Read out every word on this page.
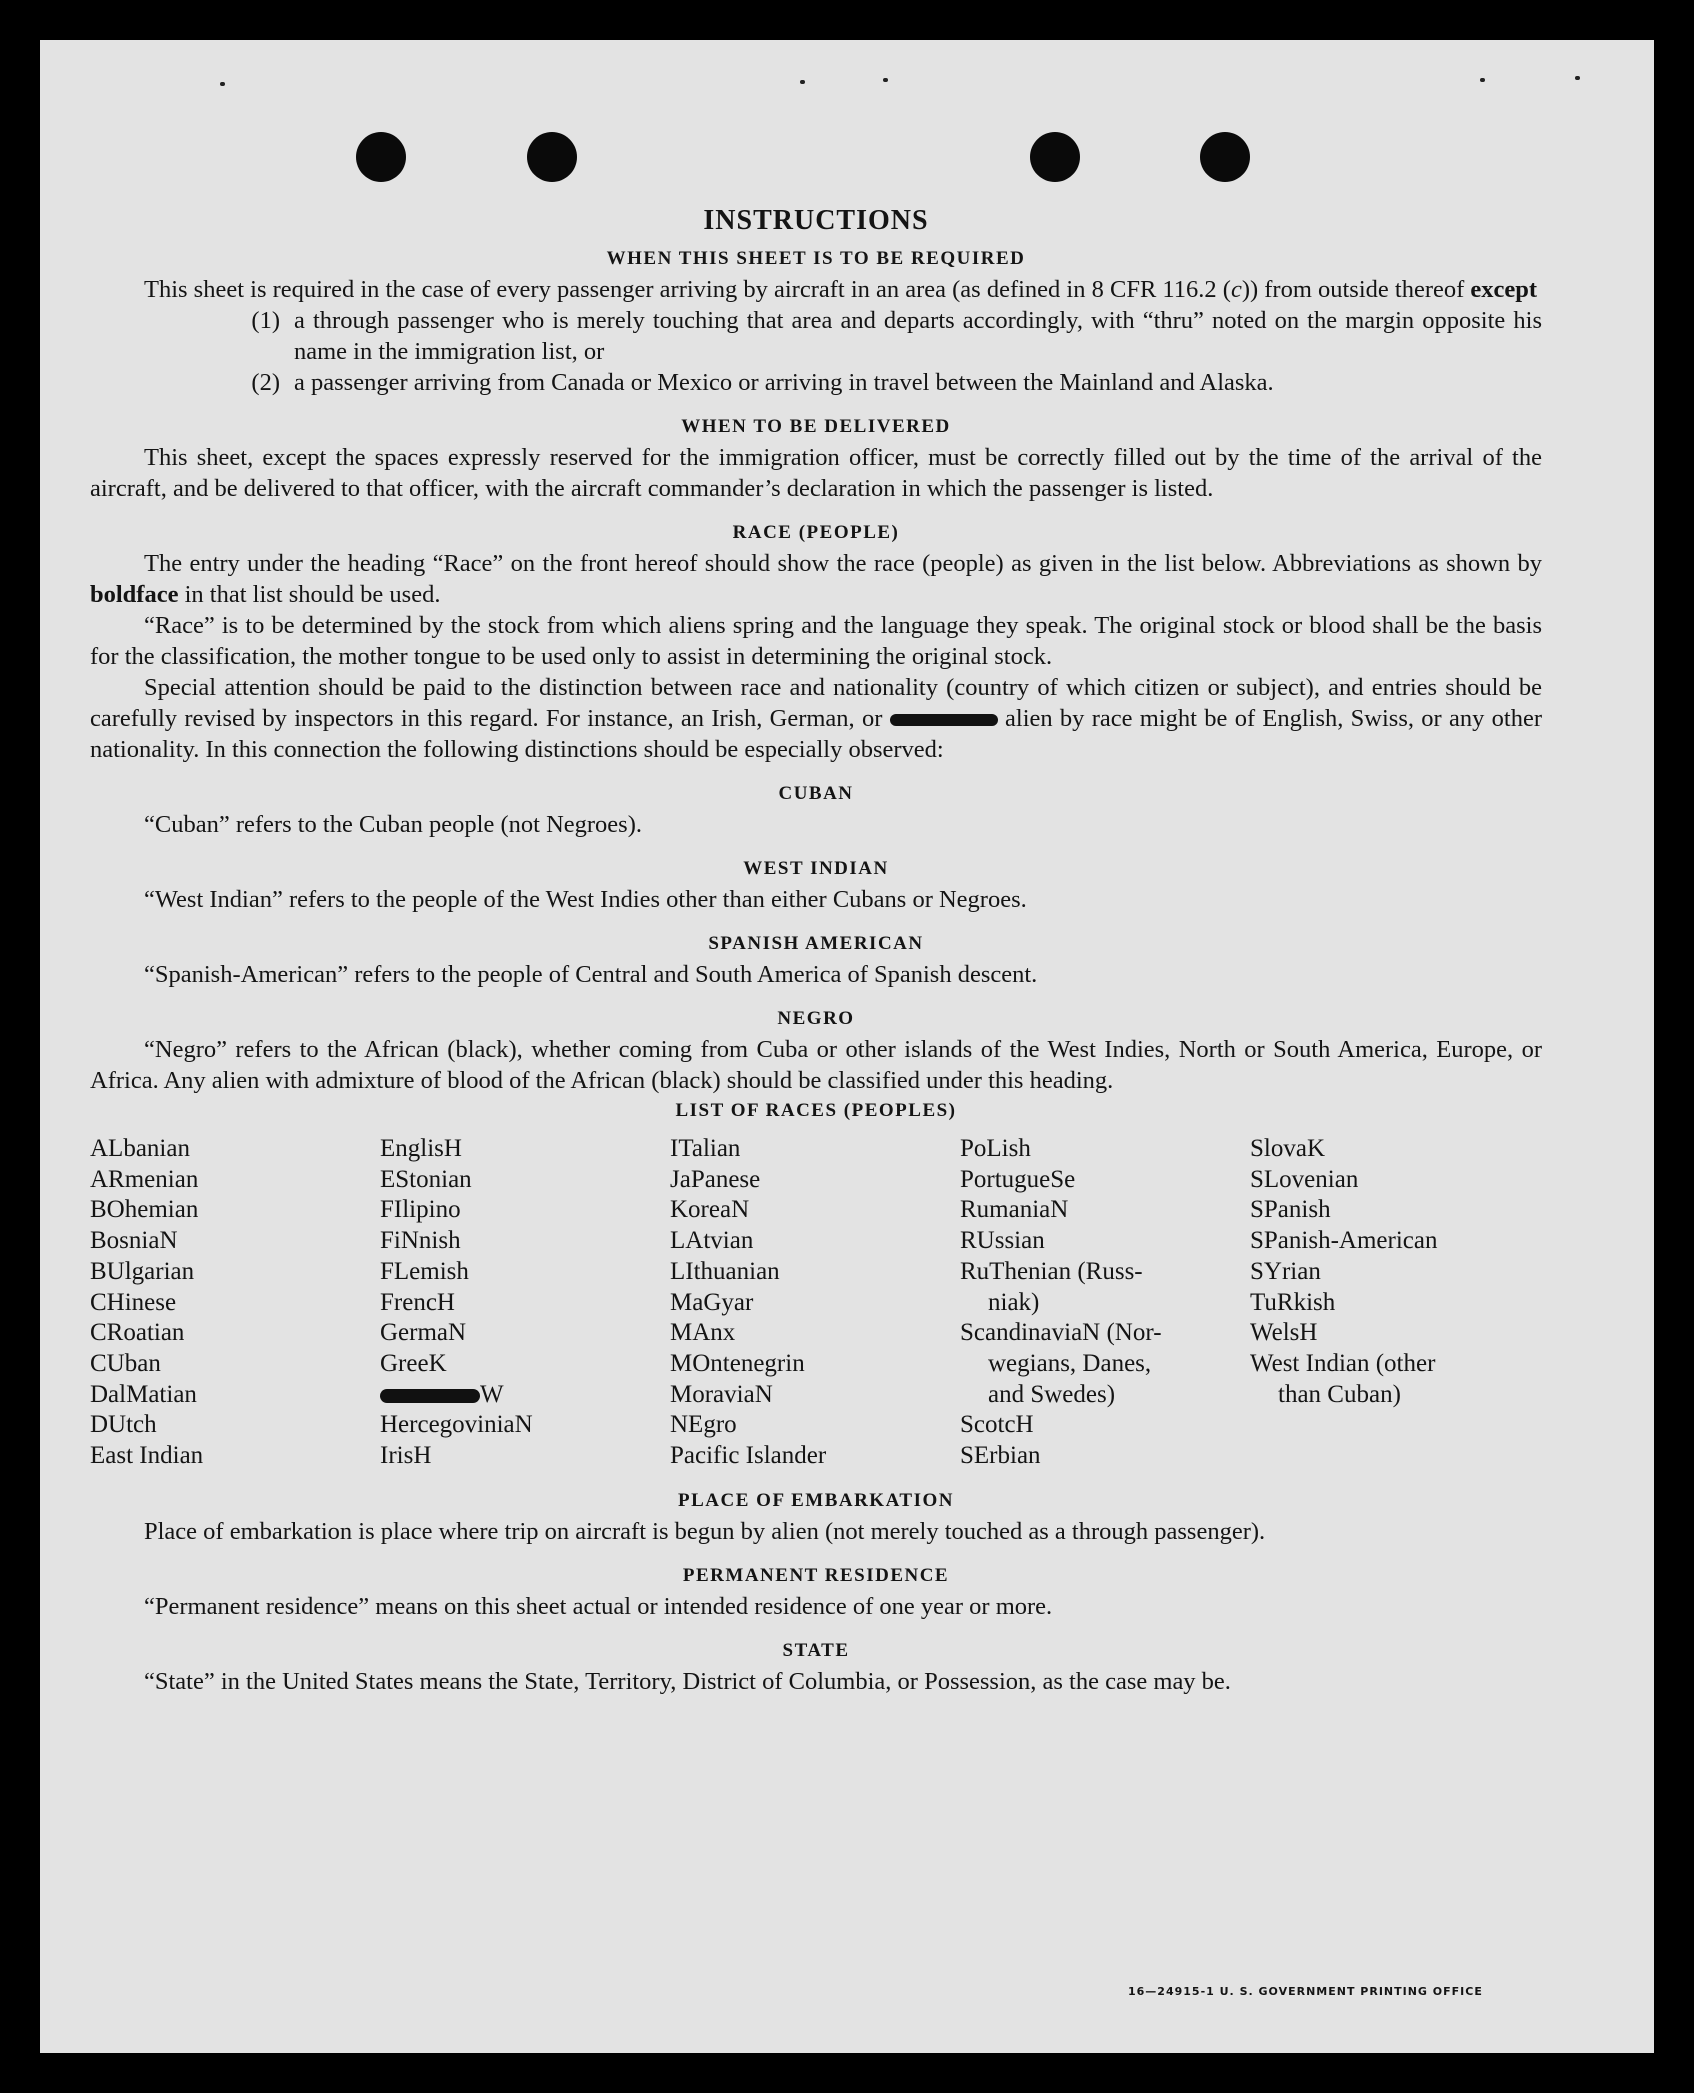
INSTRUCTIONS
WHEN THIS SHEET IS TO BE REQUIRED

This sheet is required in the case of every passenger arriving by aircraft in an area (as defined in 8 CFR 116.2 (c)) from outside thereof except

(1) a through passenger who is merely touching that area and departs accordingly, with “thru” noted on the margin opposite his name in the immigration list, or
(2) a passenger arriving from Canada or Mexico or arriving in travel between the Mainland and Alaska.
WHEN TO BE DELIVERED

This sheet, except the spaces expressly reserved for the immigration officer, must be correctly filled out by the time of the arrival of the aircraft, and be delivered to that officer, with the aircraft commander’s declaration in which the passenger is listed.

RACE (PEOPLE)

The entry under the heading “Race” on the front hereof should show the race (people) as given in the list below. Abbreviations as shown by boldface in that list should be used.

“Race” is to be determined by the stock from which aliens spring and the language they speak. The original stock or blood shall be the basis for the classification, the mother tongue to be used only to assist in determining the original stock.

Special attention should be paid to the distinction between race and nationality (country of which citizen or subject), and entries should be carefully revised by inspectors in this regard. For instance, an Irish, German, or	alien by race might be of English, Swiss, or any other nationality. In this connection the following distinctions should be especially observed:

CUBAN

“Cuban” refers to the Cuban people (not Negroes).

WEST INDIAN

“West Indian” refers to the people of the West Indies other than either Cubans or Negroes.

SPANISH AMERICAN

“Spanish-American” refers to the people of Central and South America of Spanish descent.

NEGRO

“Negro” refers to the African (black), whether coming from Cuba or other islands of the West Indies, North or South America, Europe, or Africa. Any alien with admixture of blood of the African (black) should be classified under this heading.

LIST OF RACES (PEOPLES)
ALbanian
ARmenian
BOhemian
BosniaN
BUlgarian
CHinese
CRoatian
CUban
DalMatian
DUtch
East Indian
EnglisH
EStonian
FIlipino
FiNnish
FLemish
FrencH
GermaN
GreeK
W
HercegoviniaN
IrisH
ITalian
JaPanese
KoreaN
LAtvian
LIthuanian
MaGyar
MAnx
MOntenegrin
MoraviaN
NEgro
Pacific Islander
PoLish
PortugueSe
RumaniaN
RUssian
RuThenian (Russ-
niak)
ScandinaviaN (Nor-
wegians, Danes,
and Swedes)
ScotcH
SErbian
SlovaK
SLovenian
SPanish
SPanish-American
SYrian
TuRkish
WelsH
West Indian (other
than Cuban)
PLACE OF EMBARKATION

Place of embarkation is place where trip on aircraft is begun by alien (not merely touched as a through passenger).

PERMANENT RESIDENCE

“Permanent residence” means on this sheet actual or intended residence of one year or more.

STATE

“State” in the United States means the State, Territory, District of Columbia, or Possession, as the case may be.

16—24915-1 U. S. GOVERNMENT PRINTING OFFICE
